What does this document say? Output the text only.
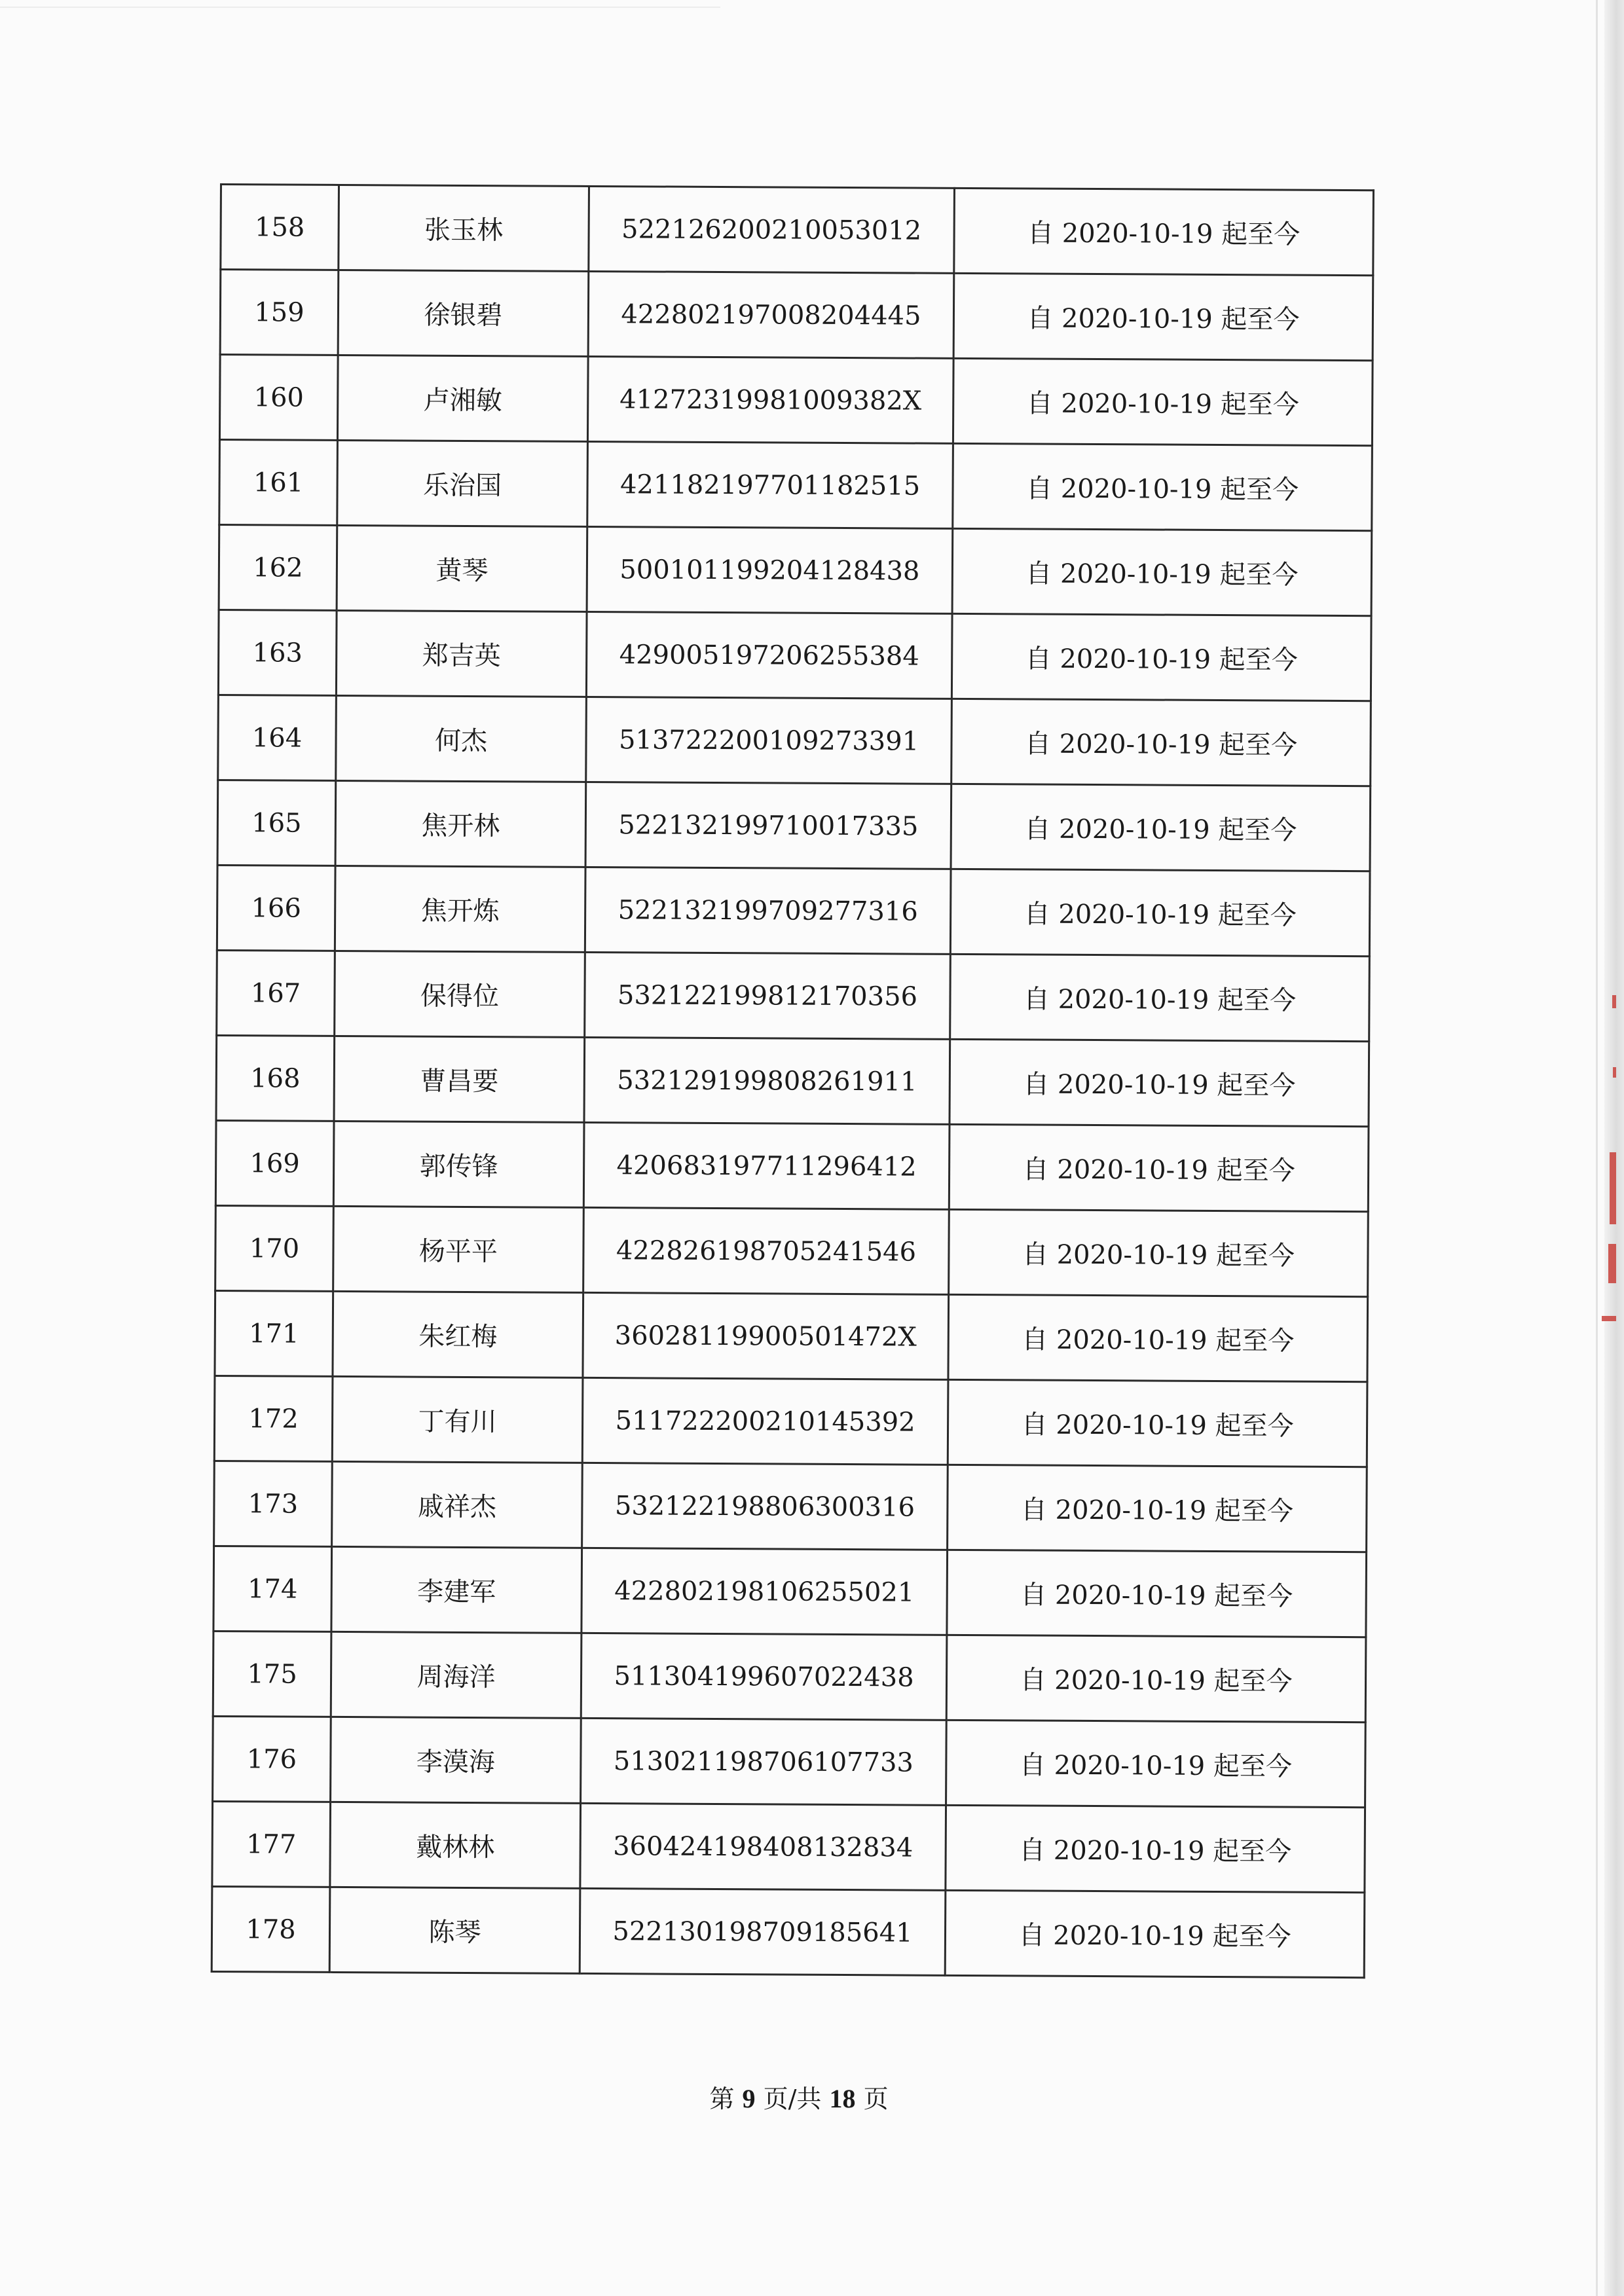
158	张玉林	522126200210053012	自 2020-10-19 起至今
159	徐银碧	422802197008204445	自 2020-10-19 起至今
160	卢湘敏	41272319981009382X	自 2020-10-19 起至今
161	乐治国	421182197701182515	自 2020-10-19 起至今
162	黄琴	500101199204128438	自 2020-10-19 起至今
163	郑吉英	429005197206255384	自 2020-10-19 起至今
164	何杰	513722200109273391	自 2020-10-19 起至今
165	焦开林	522132199710017335	自 2020-10-19 起至今
166	焦开炼	522132199709277316	自 2020-10-19 起至今
167	保得位	532122199812170356	自 2020-10-19 起至今
168	曹昌要	532129199808261911	自 2020-10-19 起至今
169	郭传锋	420683197711296412	自 2020-10-19 起至今
170	杨平平	422826198705241546	自 2020-10-19 起至今
171	朱红梅	36028119900501472X	自 2020-10-19 起至今
172	丁有川	511722200210145392	自 2020-10-19 起至今
173	戚祥杰	532122198806300316	自 2020-10-19 起至今
174	李建军	422802198106255021	自 2020-10-19 起至今
175	周海洋	511304199607022438	自 2020-10-19 起至今
176	李漠海	513021198706107733	自 2020-10-19 起至今
177	戴林林	360424198408132834	自 2020-10-19 起至今
178	陈琴	522130198709185641	自 2020-10-19 起至今
第 9 页/共 18 页
